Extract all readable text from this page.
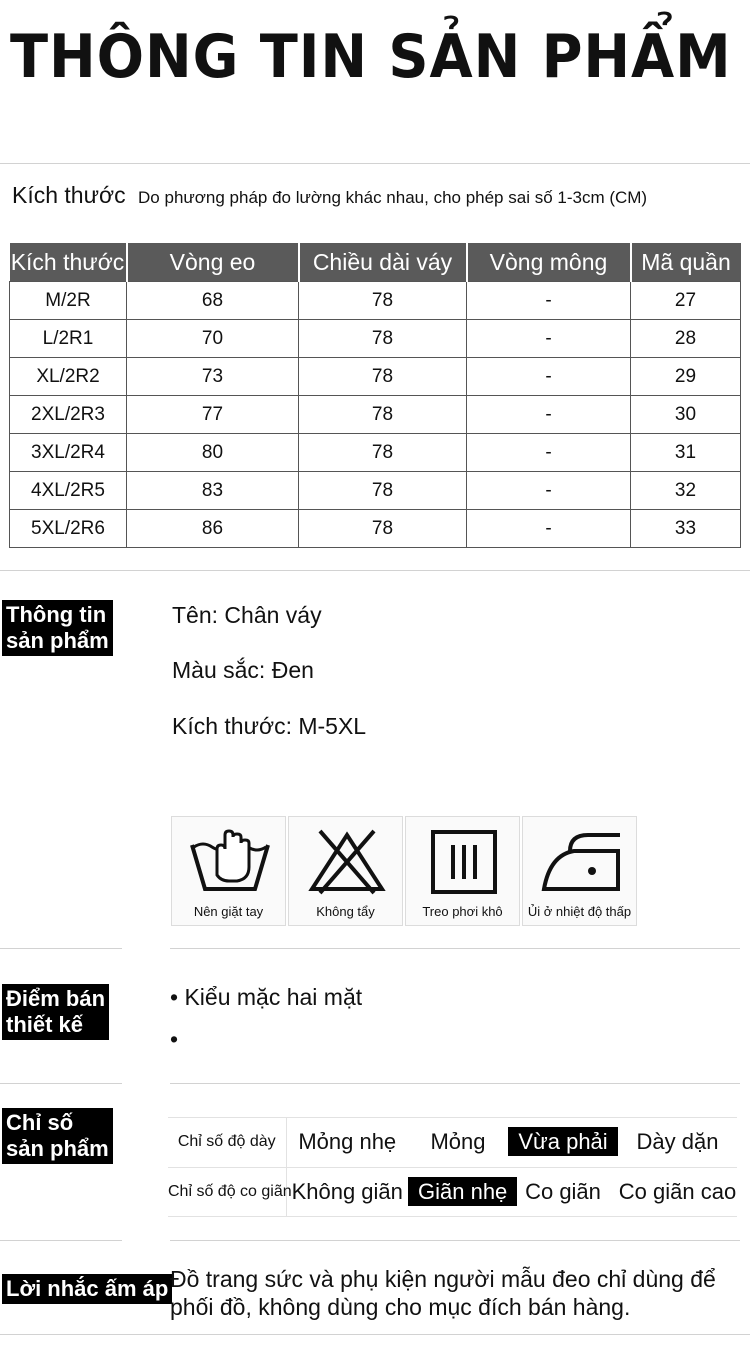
THÔNG TIN SẢN PHẨM
Kích thước Do phương pháp đo lường khác nhau, cho phép sai số 1-3cm (CM)
Kích thước	Vòng eo	Chiều dài váy	Vòng mông	Mã quần
M/2R	68	78	-	27
L/2R1	70	78	-	28
XL/2R2	73	78	-	29
2XL/2R3	77	78	-	30
3XL/2R4	80	78	-	31
4XL/2R5	83	78	-	32
5XL/2R6	86	78	-	33
Thông tin
sản phẩm
Tên: Chân váy
Màu sắc: Đen
Kích thước: M-5XL
Nên giặt tay	Không tẩy	Treo phơi khô	Ủi ở nhiệt độ thấp
Điểm bán
thiết kế
• Kiểu mặc hai mặt
•
Chỉ số
sản phẩm	Chỉ số độ dày	Mỏng nhẹ	Mỏng	Vừa phải	Dày dặn
Chỉ số độ co giãn	Không giãn	Giãn nhẹ	Co giãn	Co giãn cao
Lời nhắc ấm áp Đồ trang sức và phụ kiện người mẫu đeo chỉ dùng để
phối đồ, không dùng cho mục đích bán hàng.
